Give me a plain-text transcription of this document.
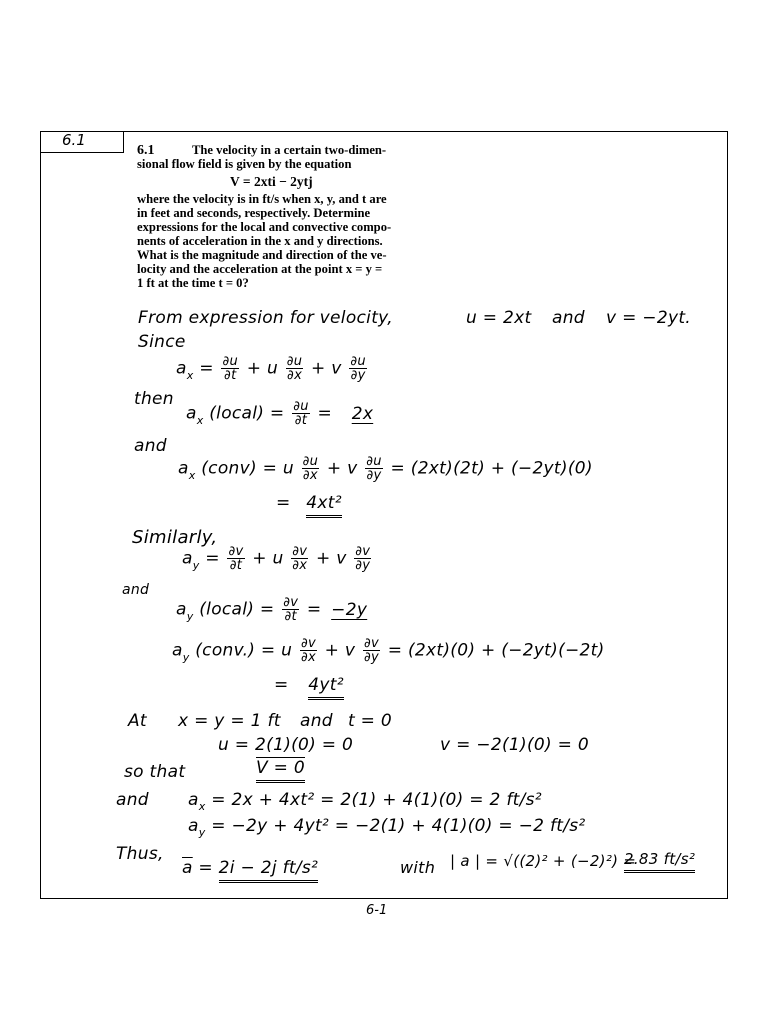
6.1
6.1	The velocity in a certain two-dimen-
sional flow field is given by the equation
V = 2xti − 2ytj
where the velocity is in ft/s when x, y, and t are
in feet and seconds, respectively. Determine
expressions for the local and convective compo-
nents of acceleration in the x and y directions.
What is the magnitude and direction of the ve-
locity and the acceleration at the point x = y =
1 ft at the time t = 0?
From expression for velocity,	u = 2xt and v = −2yt.
Since
$a_x = \frac{\partial u}{\partial t} + u \frac{\partial u}{\partial x} + v \frac{\partial u}{\partial y}$
then
$a_x$ (local) = $\frac{\partial u}{\partial t} = 2x$
and
$a_x$ (conv) = u $\frac{\partial u}{\partial x} + v \frac{\partial u}{\partial y} = (2xt)(2t) + (-2yt)(0)$
= 4xt²
Similarly,
$a_y = \frac{\partial v}{\partial t} + u \frac{\partial v}{\partial x} + v \frac{\partial v}{\partial y}$
and
$a_y$ (local) = $\frac{\partial v}{\partial t} = -2y$
$a_y$ (conv.) = u $\frac{\partial v}{\partial x} + v \frac{\partial v}{\partial y} = (2xt)(0) + (-2yt)(-2t)$
= 4yt²
At x = y = 1 ft and t = 0
u = 2(1)(0) = 0	v = −2(1)(0) = 0
so that	V = 0
and $a_x = 2x + 4xt^2 = 2(1) + 4(1)(0) = 2$ ft/s²
$a_y = -2y + 4yt^2 = -2(1) + 4(1)(0) = -2$ ft/s²
Thus,
$\overline{a} = 2i - 2j$ ft/s²	with | a | = √((2)² + (−2)²) =
2.83 ft/s²
6-1
